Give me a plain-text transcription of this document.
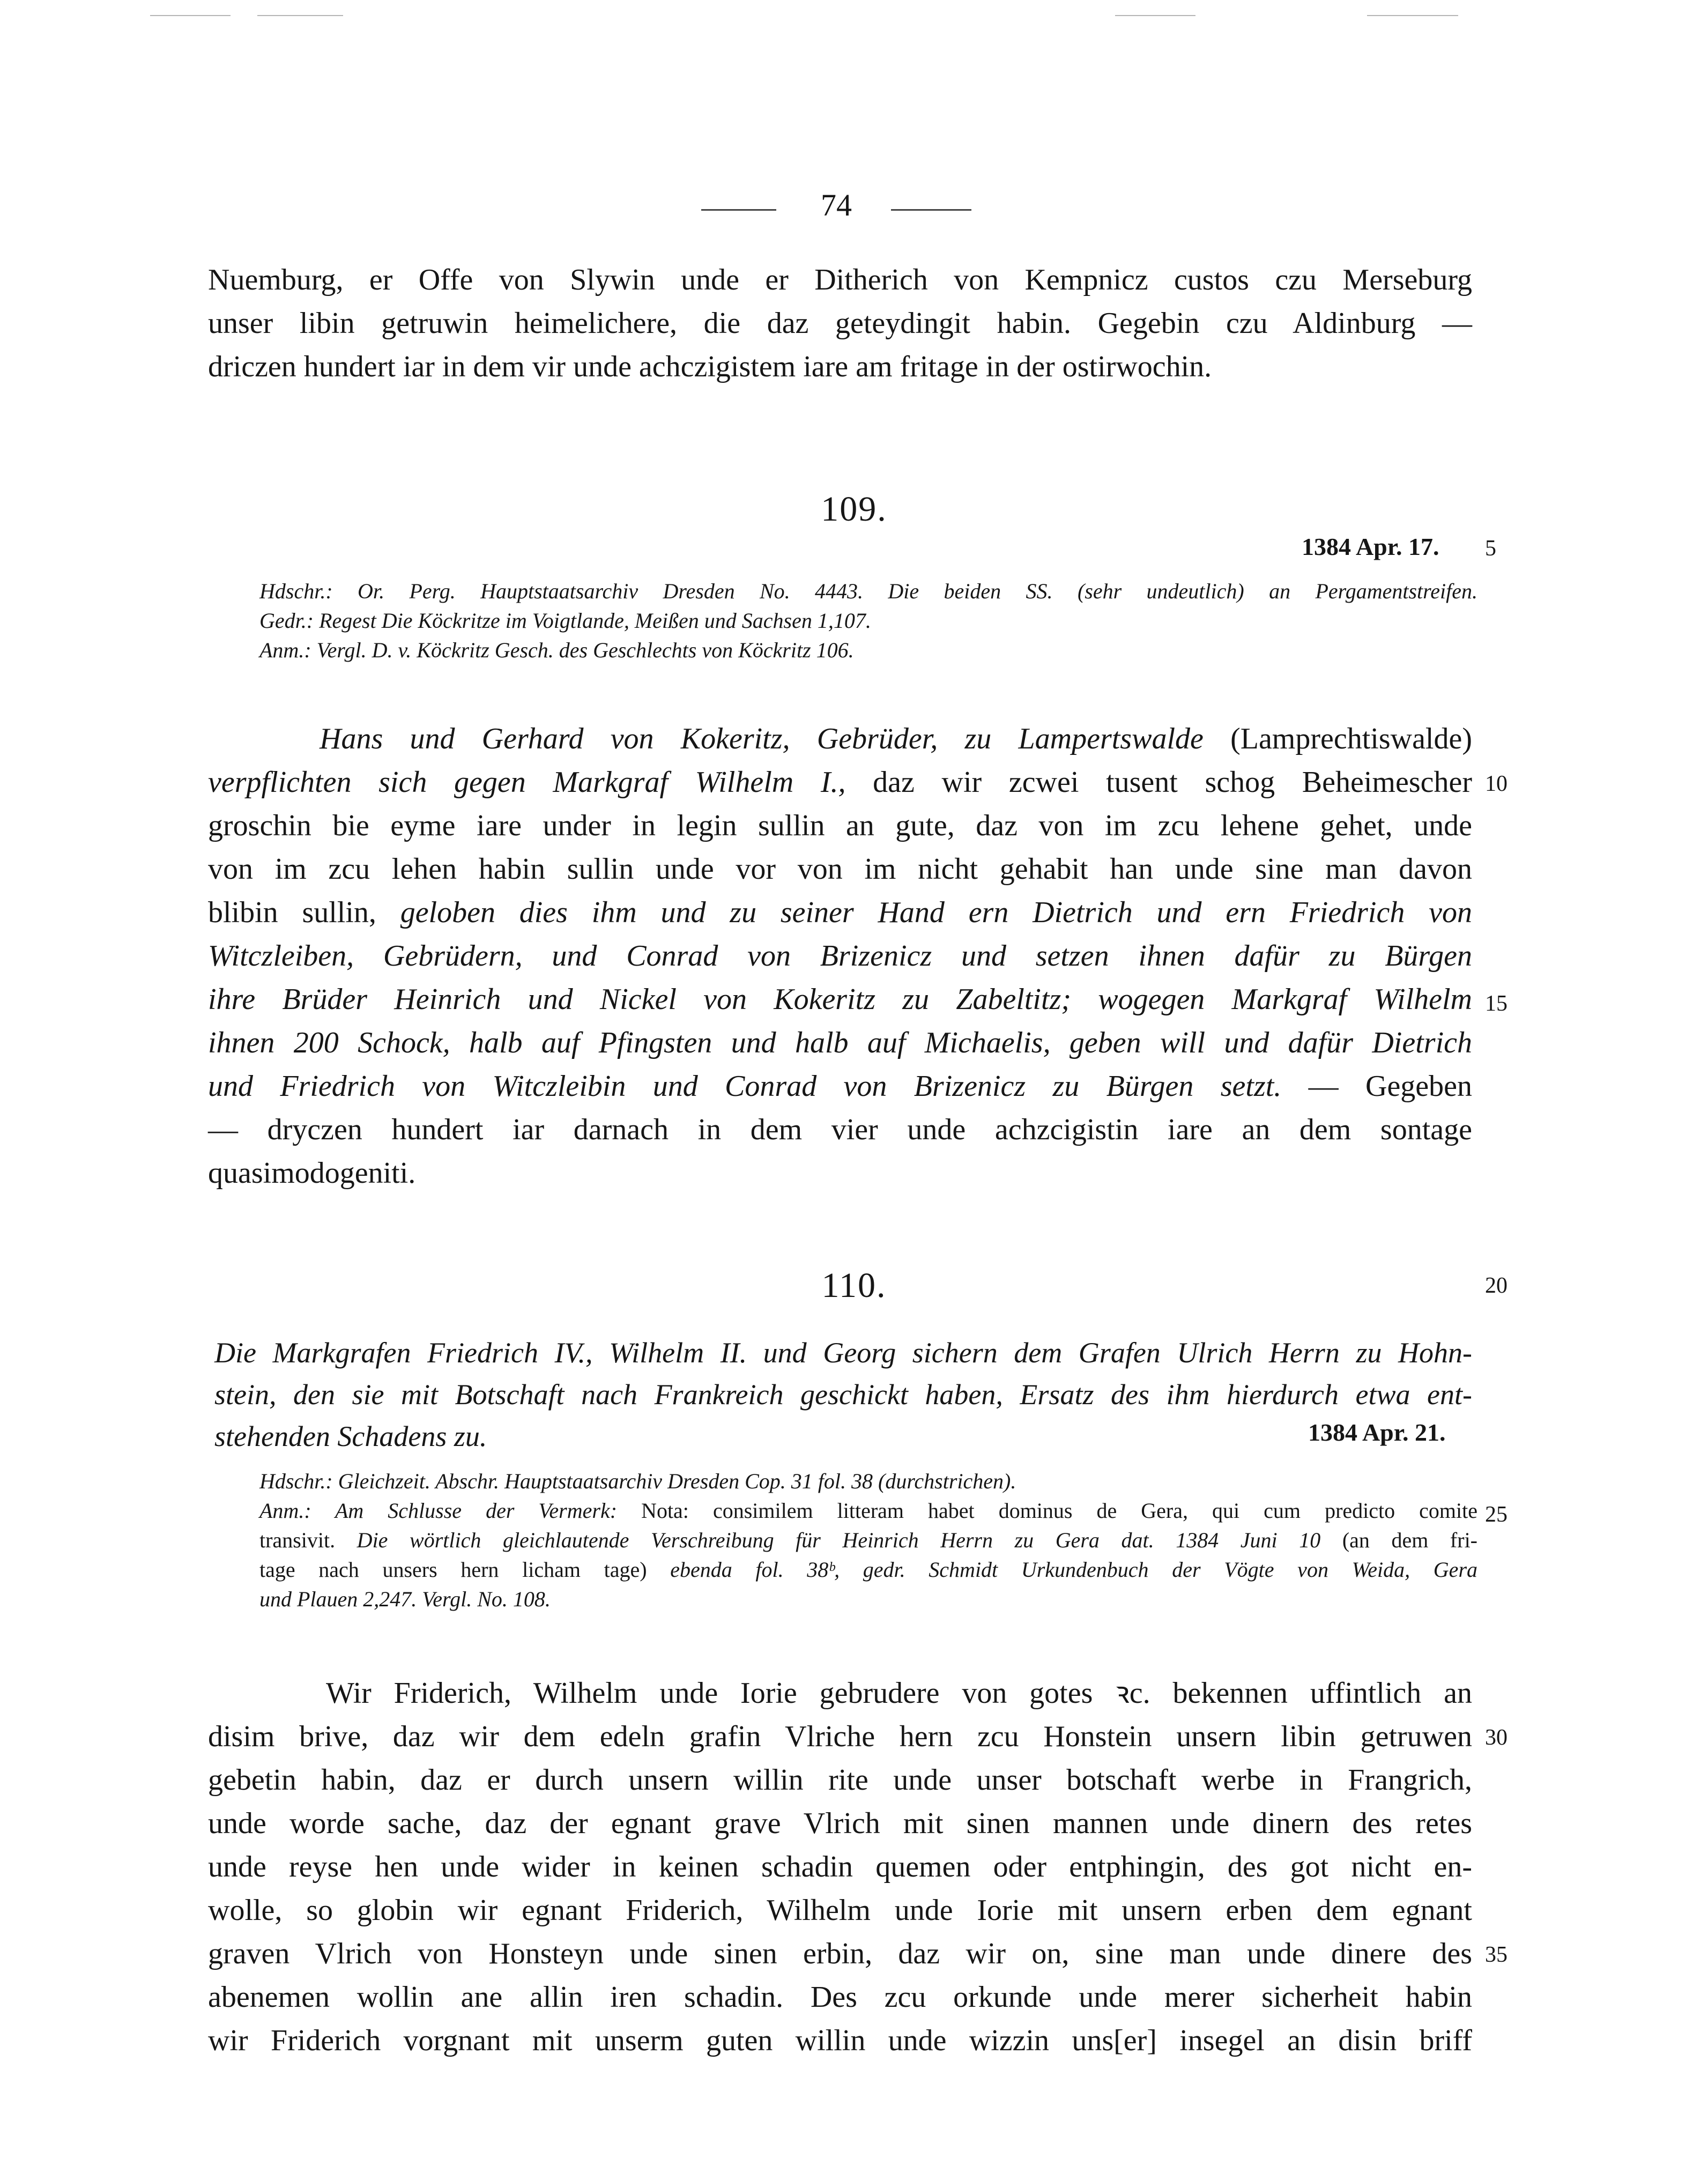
74
Nuemburg, er Offe von Slywin unde er Ditherich von Kempnicz custos czu Merseburg
unser libin getruwin heimelichere, die daz geteydingit habin. Gegebin czu Aldinburg —
driczen hundert iar in dem vir unde achczigistem iare am fritage in der ostirwochin.
109.
1384 Apr. 17. 5
Hdschr.: Or. Perg. Hauptstaatsarchiv Dresden No. 4443. Die beiden SS. (sehr undeutlich) an Pergamentstreifen.
Gedr.: Regest Die Köckritze im Voigtlande, Meißen und Sachsen 1,107.
Anm.: Vergl. D. v. Köckritz Gesch. des Geschlechts von Köckritz 106.
Hans und Gerhard von Kokeritz, Gebrüder, zu Lampertswalde (Lamprechtiswalde)
verpflichten sich gegen Markgraf Wilhelm I., daz wir zcwei tusent schog Beheimescher
groschin bie eyme iare under in legin sullin an gute, daz von im zcu lehene gehet, unde
von im zcu lehen habin sullin unde vor von im nicht gehabit han unde sine man davon
blibin sullin, geloben dies ihm und zu seiner Hand ern Dietrich und ern Friedrich von
Witczleiben, Gebrüdern, und Conrad von Brizenicz und setzen ihnen dafür zu Bürgen
ihre Brüder Heinrich und Nickel von Kokeritz zu Zabeltitz; wogegen Markgraf Wilhelm
ihnen 200 Schock, halb auf Pfingsten und halb auf Michaelis, geben will und dafür Dietrich
und Friedrich von Witczleibin und Conrad von Brizenicz zu Bürgen setzt. — Gegeben
— dryczen hundert iar darnach in dem vier unde achzcigistin iare an dem sontage
quasimodogeniti.
10
15
110.	20
Die Markgrafen Friedrich IV., Wilhelm II. und Georg sichern dem Grafen Ulrich Herrn zu Hohn-
stein, den sie mit Botschaft nach Frankreich geschickt haben, Ersatz des ihm hierdurch etwa ent-
stehenden Schadens zu.	1384 Apr. 21.
Hdschr.: Gleichzeit. Abschr. Hauptstaatsarchiv Dresden Cop. 31 fol. 38 (durchstrichen).
Anm.: Am Schlusse der Vermerk: Nota: consimilem litteram habet dominus de Gera, qui cum predicto comite
transivit. Die wörtlich gleichlautende Verschreibung für Heinrich Herrn zu Gera dat. 1384 Juni 10 (an dem fri-
tage nach unsers hern licham tage) ebenda fol. 38ᵇ, gedr. Schmidt Urkundenbuch der Vögte von Weida, Gera
und Plauen 2,247. Vergl. No. 108.
25
Wir Friderich, Wilhelm unde Iorie gebrudere von gotes ꝛc. bekennen uffintlich an
disim brive, daz wir dem edeln grafin Vlriche hern zcu Honstein unsern libin getruwen
gebetin habin, daz er durch unsern willin rite unde unser botschaft werbe in Frangrich,
unde worde sache, daz der egnant grave Vlrich mit sinen mannen unde dinern des retes
unde reyse hen unde wider in keinen schadin quemen oder entphingin, des got nicht en-
wolle, so globin wir egnant Friderich, Wilhelm unde Iorie mit unsern erben dem egnant
graven Vlrich von Honsteyn unde sinen erbin, daz wir on, sine man unde dinere des
abenemen wollin ane allin iren schadin. Des zcu orkunde unde merer sicherheit habin
wir Friderich vorgnant mit unserm guten willin unde wizzin uns[er] insegel an disin briff
30
35
